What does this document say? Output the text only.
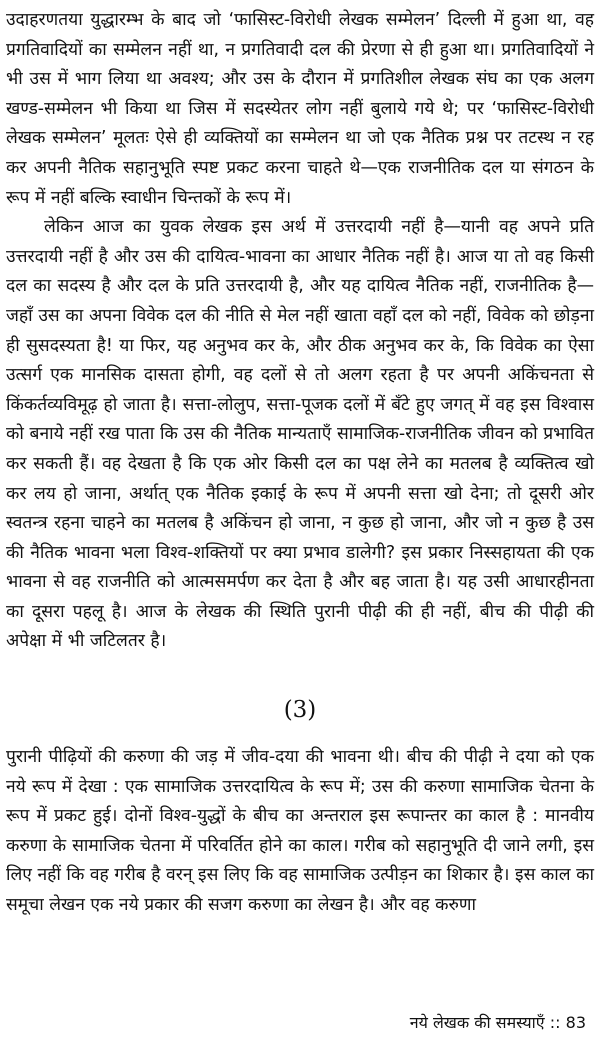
उदाहरणतया युद्धारम्भ के बाद जो ‘फासिस्ट-विरोधी लेखक सम्मेलन’ दिल्ली में हुआ था, वह प्रगतिवादियों का सम्मेलन नहीं था, न प्रगतिवादी दल की प्रेरणा से ही हुआ था। प्रगतिवादियों ने भी उस में भाग लिया था अवश्य; और उस के दौरान में प्रगतिशील लेखक संघ का एक अलग खण्ड-सम्मेलन भी किया था जिस में सदस्येतर लोग नहीं बुलाये गये थे; पर ‘फासिस्ट-विरोधी लेखक सम्मेलन’ मूलतः ऐसे ही व्यक्तियों का सम्मेलन था जो एक नैतिक प्रश्न पर तटस्थ न रह कर अपनी नैतिक सहानुभूति स्पष्ट प्रकट करना चाहते थे—एक राजनीतिक दल या संगठन के रूप में नहीं बल्कि स्वाधीन चिन्तकों के रूप में।

लेकिन आज का युवक लेखक इस अर्थ में उत्तरदायी नहीं है—यानी वह अपने प्रति उत्तरदायी नहीं है और उस की दायित्व-भावना का आधार नैतिक नहीं है। आज या तो वह किसी दल का सदस्य है और दल के प्रति उत्तरदायी है, और यह दायित्व नैतिक नहीं, राजनीतिक है—जहाँ उस का अपना विवेक दल की नीति से मेल नहीं खाता वहाँ दल को नहीं, विवेक को छोड़ना ही सुसदस्यता है! या फिर, यह अनुभव कर के, और ठीक अनुभव कर के, कि विवेक का ऐसा उत्सर्ग एक मानसिक दासता होगी, वह दलों से तो अलग रहता है पर अपनी अकिंचनता से किंकर्तव्यविमूढ़ हो जाता है। सत्ता-लोलुप, सत्ता-पूजक दलों में बँटे हुए जगत् में वह इस विश्वास को बनाये नहीं रख पाता कि उस की नैतिक मान्यताएँ सामाजिक-राजनीतिक जीवन को प्रभावित कर सकती हैं। वह देखता है कि एक ओर किसी दल का पक्ष लेने का मतलब है व्यक्तित्व खो कर लय हो जाना, अर्थात् एक नैतिक इकाई के रूप में अपनी सत्ता खो देना; तो दूसरी ओर स्वतन्त्र रहना चाहने का मतलब है अकिंचन हो जाना, न कुछ हो जाना, और जो न कुछ है उस की नैतिक भावना भला विश्व-शक्तियों पर क्या प्रभाव डालेगी? इस प्रकार निस्सहायता की एक भावना से वह राजनीति को आत्मसमर्पण कर देता है और बह जाता है। यह उसी आधारहीनता का दूसरा पहलू है। आज के लेखक की स्थिति पुरानी पीढ़ी की ही नहीं, बीच की पीढ़ी की अपेक्षा में भी जटिलतर है।

(3)

पुरानी पीढ़ियों की करुणा की जड़ में जीव-दया की भावना थी। बीच की पीढ़ी ने दया को एक नये रूप में देखा : एक सामाजिक उत्तरदायित्व के रूप में; उस की करुणा सामाजिक चेतना के रूप में प्रकट हुई। दोनों विश्व-युद्धों के बीच का अन्तराल इस रूपान्तर का काल है : मानवीय करुणा के सामाजिक चेतना में परिवर्तित होने का काल। गरीब को सहानुभूति दी जाने लगी, इस लिए नहीं कि वह गरीब है वरन् इस लिए कि वह सामाजिक उत्पीड़न का शिकार है। इस काल का समूचा लेखन एक नये प्रकार की सजग करुणा का लेखन है। और वह करुणा

नये लेखक की समस्याएँ :: 83
